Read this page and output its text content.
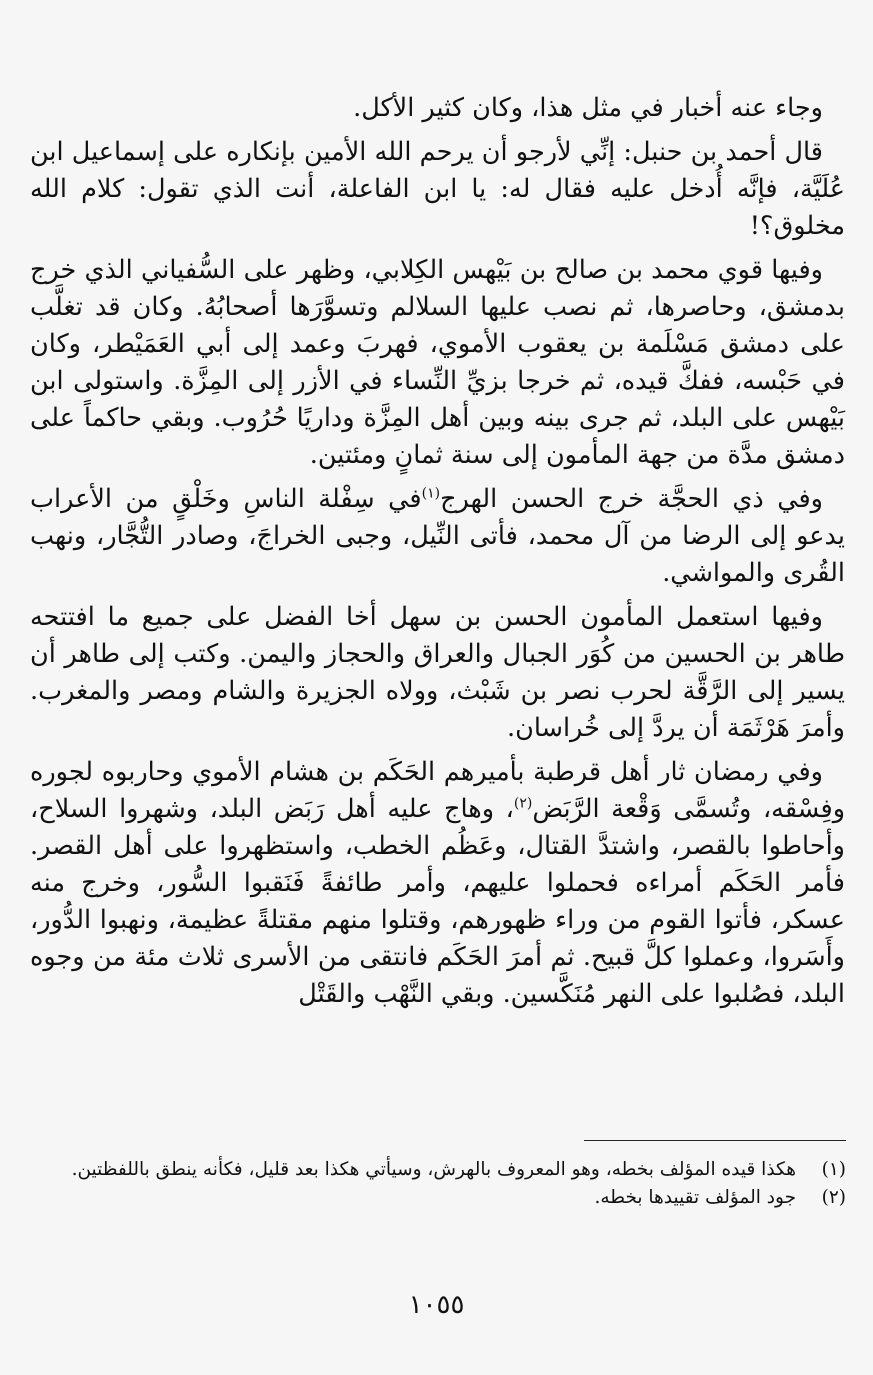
وجاء عنه أخبار في مثل هذا، وكان كثير الأكل.

قال أحمد بن حنبل: إنِّي لأرجو أن يرحم الله الأمين بإنكاره على إسماعيل ابن عُلَيَّة، فإنَّه أُدخل عليه فقال له: يا ابن الفاعلة، أنت الذي تقول: كلام الله مخلوق؟!

وفيها قوي محمد بن صالح بن بَيْهس الكِلابي، وظهر على السُّفياني الذي خرج بدمشق، وحاصرها، ثم نصب عليها السلالم وتسوَّرَها أصحابُهُ. وكان قد تغلَّب على دمشق مَسْلَمة بن يعقوب الأموي، فهربَ وعمد إلى أبي العَمَيْطر، وكان في حَبْسه، ففكَّ قيده، ثم خرجا بزيِّ النِّساء في الأزر إلى المِزَّة. واستولى ابن بَيْهس على البلد، ثم جرى بينه وبين أهل المِزَّة وداريًا حُرُوب. وبقي حاكماً على دمشق مدَّة من جهة المأمون إلى سنة ثمانٍ ومئتين.

وفي ذي الحجَّة خرج الحسن الهرج$^{(١)}$في سِفْلة الناسِ وخَلْقٍ من الأعراب يدعو إلى الرضا من آل محمد، فأتى النِّيل، وجبى الخراجَ، وصادر التُّجَّار، ونهب القُرى والمواشي.

وفيها استعمل المأمون الحسن بن سهل أخا الفضل على جميع ما افتتحه طاهر بن الحسين من كُوَر الجبال والعراق والحجاز واليمن. وكتب إلى طاهر أن يسير إلى الرَّقَّة لحرب نصر بن شَبْث، وولاه الجزيرة والشام ومصر والمغرب. وأمرَ هَرْثَمَة أن يردَّ إلى خُراسان.

وفي رمضان ثار أهل قرطبة بأميرهم الحَكَم بن هشام الأموي وحاربوه لجوره وفِسْقه، وتُسمَّى وَقْعة الرَّبَض$^{(٢)}$، وهاج عليه أهل رَبَض البلد، وشهروا السلاح، وأحاطوا بالقصر، واشتدَّ القتال، وعَظُم الخطب، واستظهروا على أهل القصر. فأمر الحَكَم أمراءه فحملوا عليهم، وأمر طائفةً فَنَقبوا السُّور، وخرج منه عسكر، فأتوا القوم من وراء ظهورهم، وقتلوا منهم مقتلةً عظيمة، ونهبوا الدُّور، وأَسَروا، وعملوا كلَّ قبيح. ثم أمرَ الحَكَم فانتقى من الأسرى ثلاث مئة من وجوه البلد، فصُلبوا على النهر مُنَكَّسين. وبقي النَّهْب والقَتْل

(١)
هكذا قيده المؤلف بخطه، وهو المعروف بالهرش، وسيأتي هكذا بعد قليل، فكأنه ينطق باللفظتين.
(٢)
جود المؤلف تقييدها بخطه.
١٠٥٥
